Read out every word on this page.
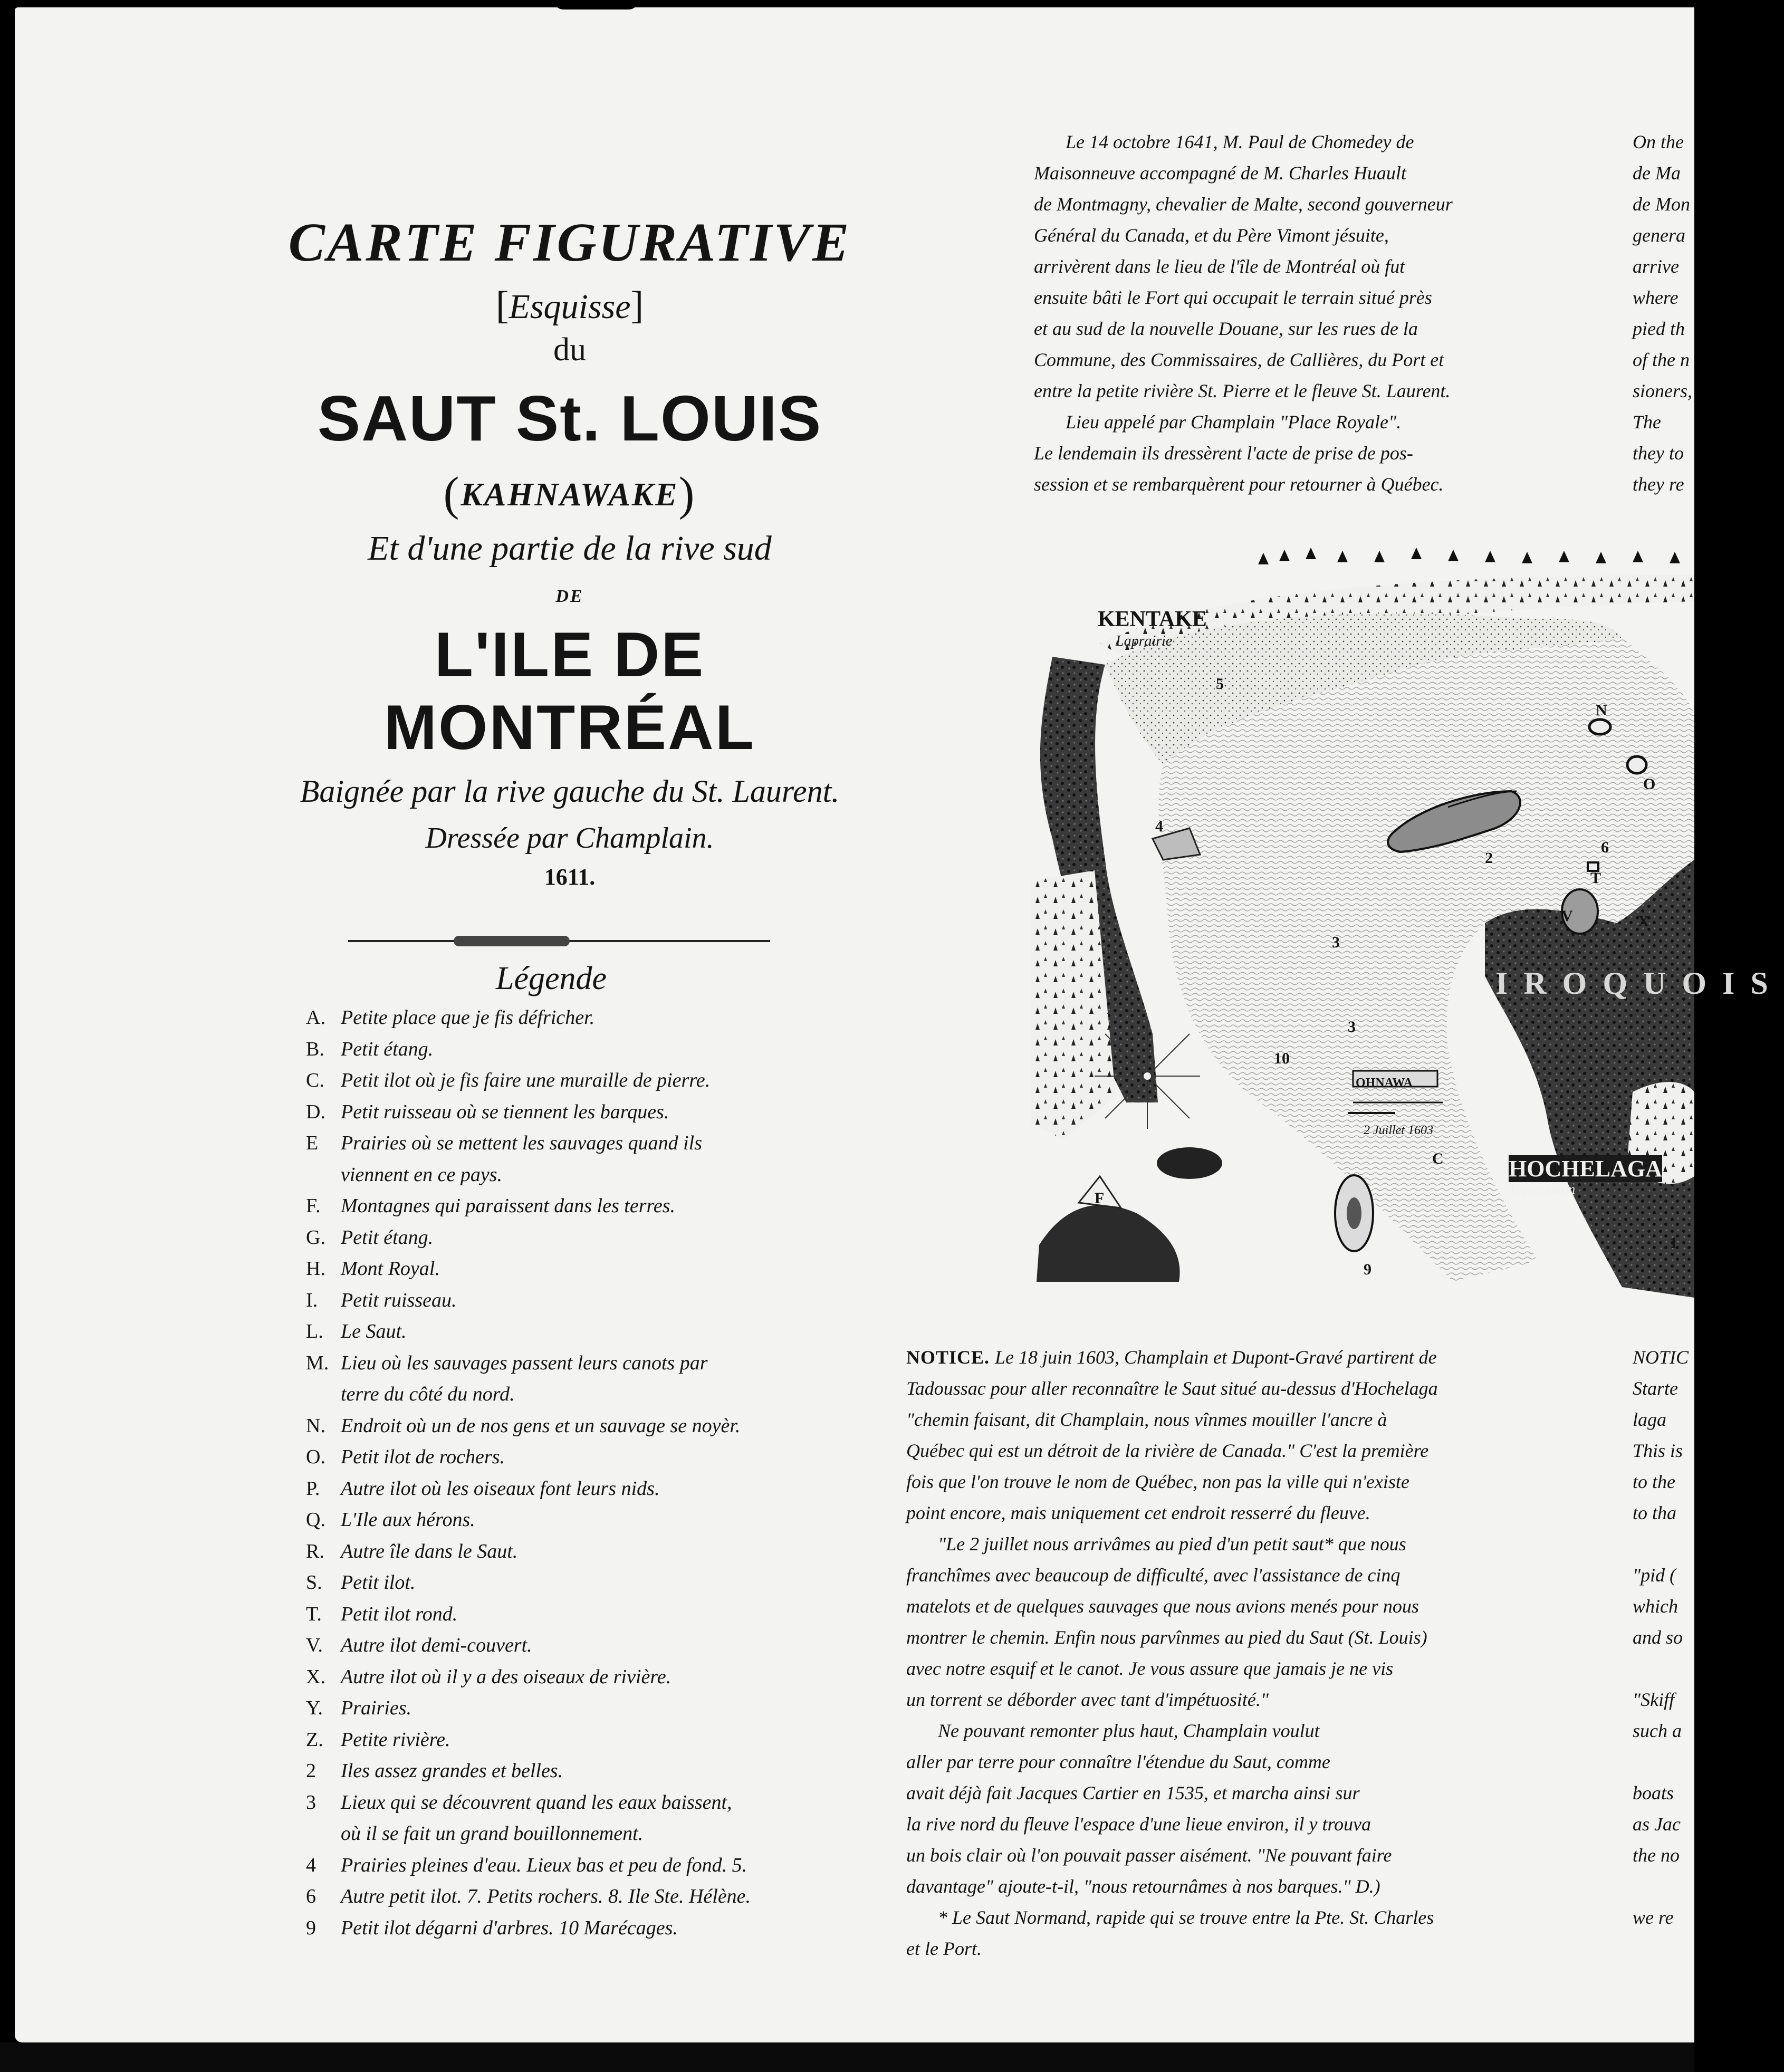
CARTE FIGURATIVE
[Esquisse]
du
SAUT St. LOUIS
(KAHNAWAKE)
Et d'une partie de la rive sud
DE
L'ILE DE MONTRÉAL
Baignée par la rive gauche du St. Laurent.
Dressée par Champlain.
1611.
Légende
A. Petite place que je fis défricher.
B. Petit étang.
C. Petit ilot où je fis faire une muraille de pierre.
D. Petit ruisseau où se tiennent les barques.
E Prairies où se mettent les sauvages quand ils
viennent en ce pays.
F. Montagnes qui paraissent dans les terres.
G. Petit étang.
H. Mont Royal.
I. Petit ruisseau.
L. Le Saut.
M. Lieu où les sauvages passent leurs canots par
terre du côté du nord.
N. Endroit où un de nos gens et un sauvage se noyèr.
O. Petit ilot de rochers.
P. Autre ilot où les oiseaux font leurs nids.
Q. L'Ile aux hérons.
R. Autre île dans le Saut.
S. Petit ilot.
T. Petit ilot rond.
V. Autre ilot demi-couvert.
X. Autre ilot où il y a des oiseaux de rivière.
Y. Prairies.
Z. Petite rivière.
2 Iles assez grandes et belles.
3 Lieux qui se découvrent quand les eaux baissent,
où il se fait un grand bouillonnement.
4 Prairies pleines d'eau. Lieux bas et peu de fond. 5.
6 Autre petit ilot. 7. Petits rochers. 8. Ile Ste. Hélène.
9 Petit ilot dégarni d'arbres. 10 Marécages.

Le 14 octobre 1641, M. Paul de Chomedey de

Maisonneuve accompagné de M. Charles Huault

de Montmagny, chevalier de Malte, second gouverneur

Général du Canada, et du Père Vimont jésuite,

arrivèrent dans le lieu de l'île de Montréal où fut

ensuite bâti le Fort qui occupait le terrain situé près

et au sud de la nouvelle Douane, sur les rues de la

Commune, des Commissaires, de Callières, du Port et

entre la petite rivière St. Pierre et le fleuve St. Laurent.

Lieu appelé par Champlain "Place Royale".

Le lendemain ils dressèrent l'acte de prise de pos-

session et se rembarquèrent pour retourner à Québec.

NOTICE. Le 18 juin 1603, Champlain et Dupont-Gravé partirent de

Tadoussac pour aller reconnaître le Saut situé au-dessus d'Hochelaga

"chemin faisant, dit Champlain, nous vînmes mouiller l'ancre à

Québec qui est un détroit de la rivière de Canada." C'est la première

fois que l'on trouve le nom de Québec, non pas la ville qui n'existe

point encore, mais uniquement cet endroit resserré du fleuve.

"Le 2 juillet nous arrivâmes au pied d'un petit saut* que nous

franchîmes avec beaucoup de difficulté, avec l'assistance de cinq

matelots et de quelques sauvages que nous avions menés pour nous

montrer le chemin. Enfin nous parvînmes au pied du Saut (St. Louis)

avec notre esquif et le canot. Je vous assure que jamais je ne vis

un torrent se déborder avec tant d'impétuosité."

Ne pouvant remonter plus haut, Champlain voulut

aller par terre pour connaître l'étendue du Saut, comme

avait déjà fait Jacques Cartier en 1535, et marcha ainsi sur

la rive nord du fleuve l'espace d'une lieue environ, il y trouva

un bois clair où l'on pouvait passer aisément. "Ne pouvant faire

davantage" ajoute-t-il, "nous retournâmes à nos barques." D.)

* Le Saut Normand, rapide qui se trouve entre la Pte. St. Charles

et le Port.

On the

de Ma

de Mon

genera

arrive

where

pied th

of the n

sioners,

The

they to

they re

NOTIC

Starte

laga

This is

to the

to tha

"pid (

which

and so

"Skiff

such a

boats

as Jac

the no

we re

KENTAKE
Laprairie
OHNAWA
2 Juillet 1603
HOCHELAGA
Tegentiakon
IROQUOIS
N
O
2
6
T
V	X
5
4
3
3
10
9
C
1
F
